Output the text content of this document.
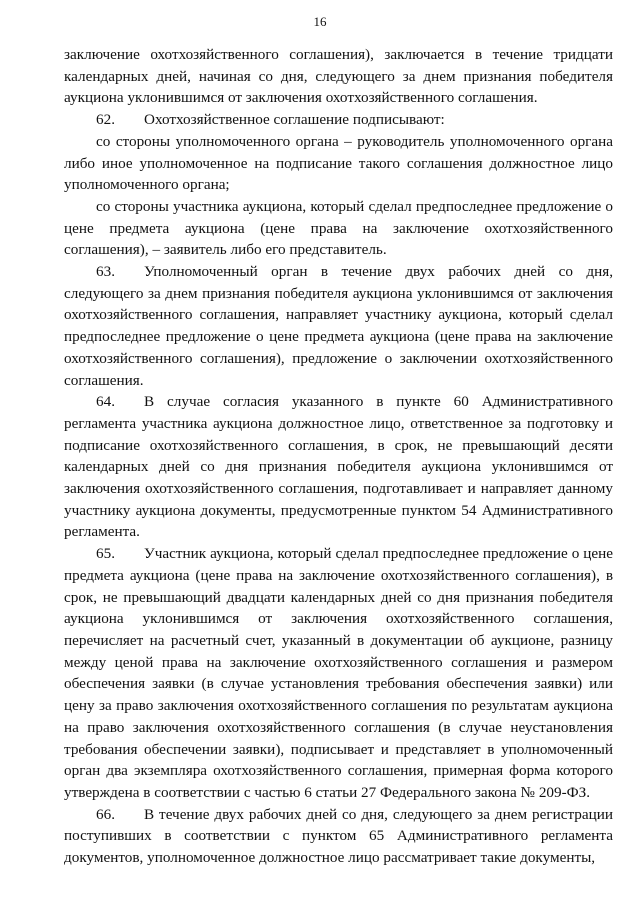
16

заключение охотхозяйственного соглашения), заключается в течение тридцати календарных дней, начиная со дня, следующего за днем признания победителя аукциона уклонившимся от заключения охотхозяйственного соглашения.

62. Охотхозяйственное соглашение подписывают:

со стороны уполномоченного органа – руководитель уполномоченного органа либо иное уполномоченное на подписание такого соглашения должностное лицо уполномоченного органа;

со стороны участника аукциона, который сделал предпоследнее предложение о цене предмета аукциона (цене права на заключение охотхозяйственного соглашения), – заявитель либо его представитель.

63. Уполномоченный орган в течение двух рабочих дней со дня, следующего за днем признания победителя аукциона уклонившимся от заключения охотхозяйственного соглашения, направляет участнику аукциона, который сделал предпоследнее предложение о цене предмета аукциона (цене права на заключение охотхозяйственного соглашения), предложение о заключении охотхозяйственного соглашения.

64. В случае согласия указанного в пункте 60 Административного регламента участника аукциона должностное лицо, ответственное за подготовку и подписание охотхозяйственного соглашения, в срок, не превышающий десяти календарных дней со дня признания победителя аукциона уклонившимся от заключения охотхозяйственного соглашения, подготавливает и направляет данному участнику аукциона документы, предусмотренные пунктом 54 Административного регламента.

65. Участник аукциона, который сделал предпоследнее предложение о цене предмета аукциона (цене права на заключение охотхозяйственного соглашения), в срок, не превышающий двадцати календарных дней со дня признания победителя аукциона уклонившимся от заключения охотхозяйственного соглашения, перечисляет на расчетный счет, указанный в документации об аукционе, разницу между ценой права на заключение охотхозяйственного соглашения и размером обеспечения заявки (в случае установления требования обеспечения заявки) или цену за право заключения охотхозяйственного соглашения по результатам аукциона на право заключения охотхозяйственного соглашения (в случае неустановления требования обеспечении заявки), подписывает и представляет в уполномоченный орган два экземпляра охотхозяйственного соглашения, примерная форма которого утверждена в соответствии с частью 6 статьи 27 Федерального закона № 209-ФЗ.

66. В течение двух рабочих дней со дня, следующего за днем регистрации поступивших в соответствии с пунктом 65 Административного регламента документов, уполномоченное должностное лицо рассматривает такие документы,
